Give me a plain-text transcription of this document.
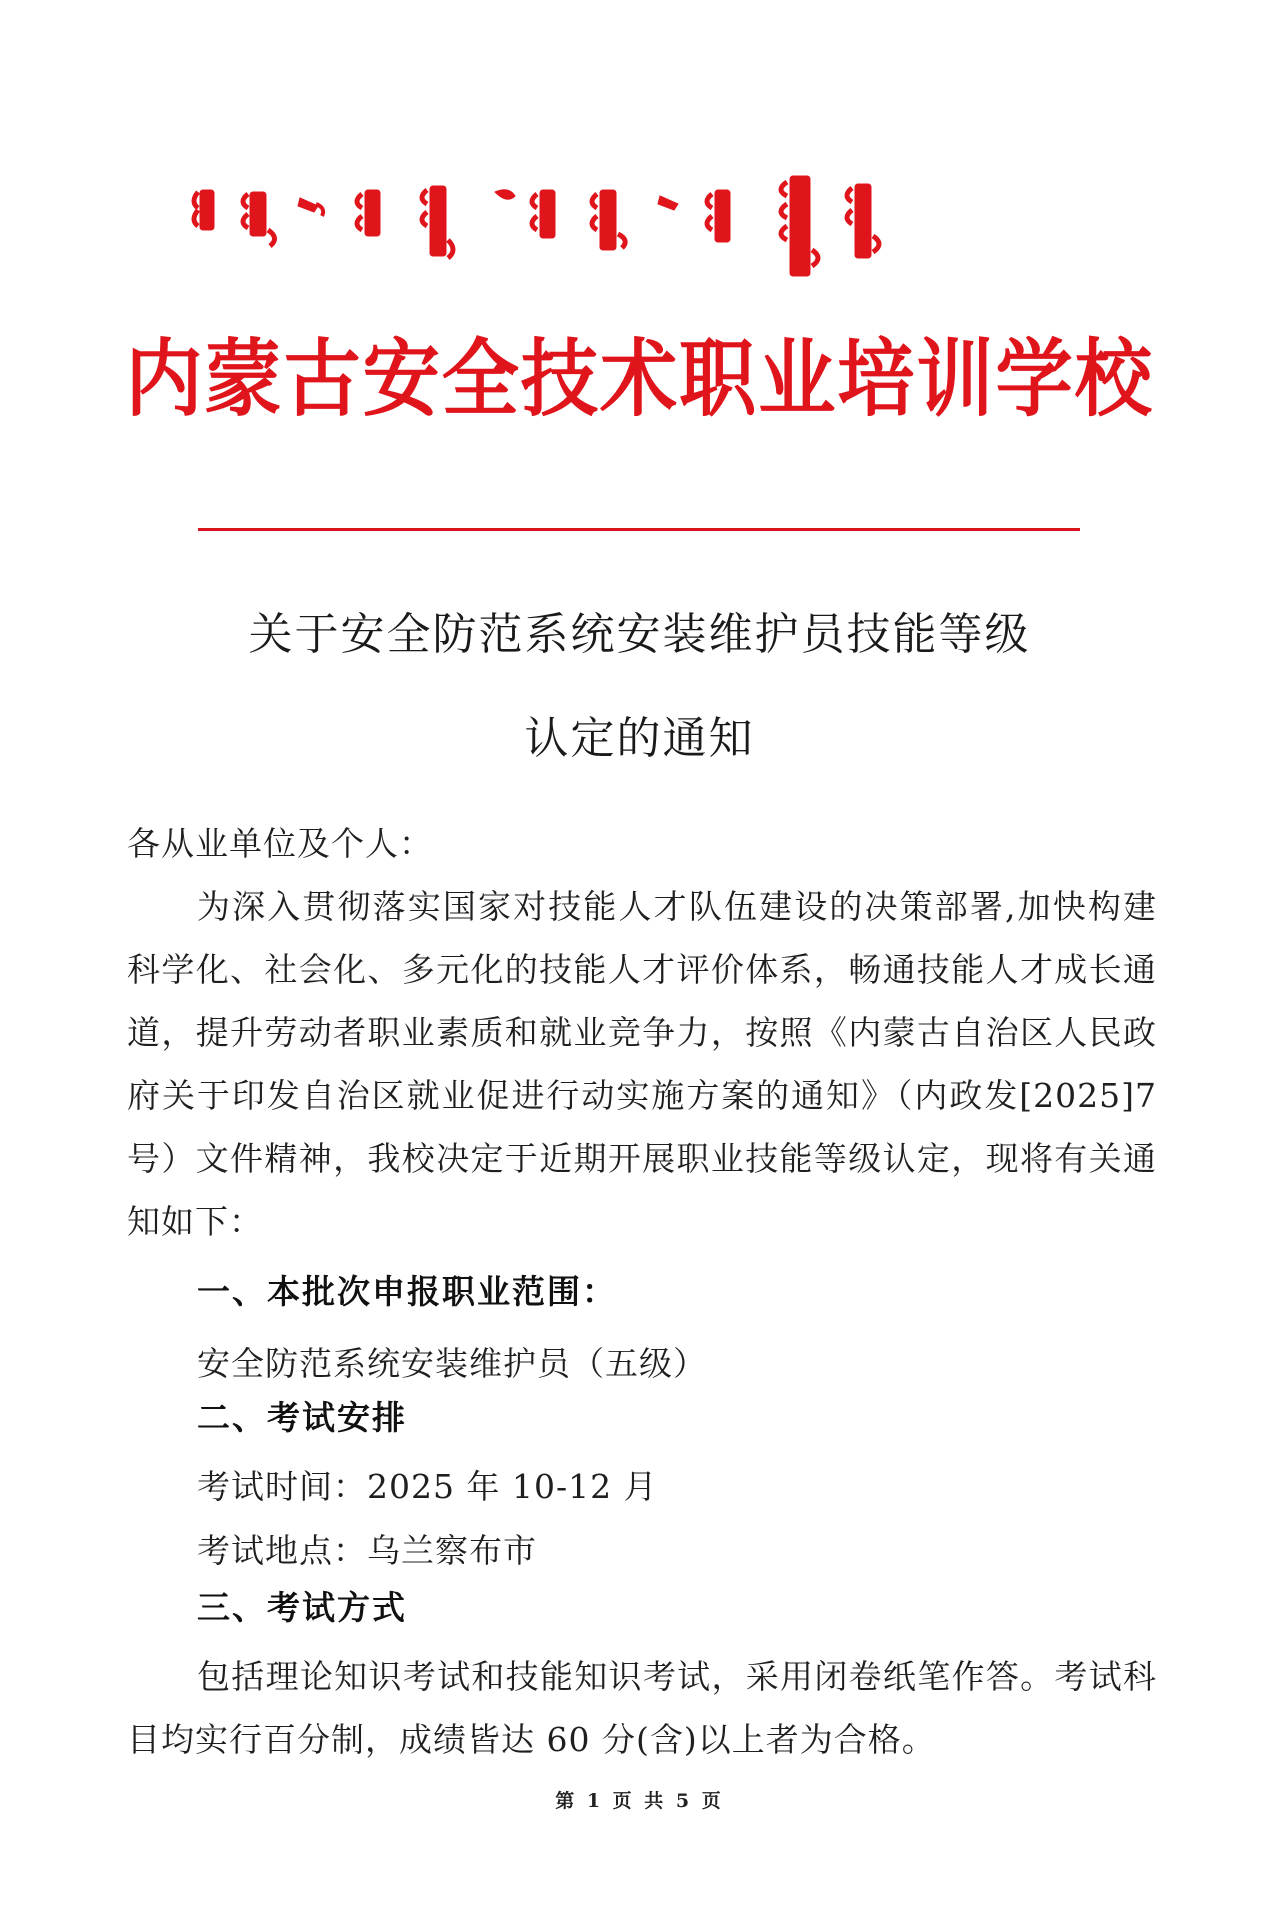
内蒙古安全技术职业培训学校
关于安全防范系统安装维护员技能等级
认定的通知
各从业单位及个人：
为深入贯彻落实国家对技能人才队伍建设的决策部署,加快构建科学化、社会化、多元化的技能人才评价体系，畅通技能人才成长通道，提升劳动者职业素质和就业竞争力，按照《内蒙古自治区人民政府关于印发自治区就业促进行动实施方案的通知》（内政发[2025]7号）文件精神，我校决定于近期开展职业技能等级认定，现将有关通知如下：
一、本批次申报职业范围：
安全防范系统安装维护员（五级）
二、考试安排
考试时间：2025 年 10-12 月
考试地点：乌兰察布市
三、考试方式
包括理论知识考试和技能知识考试，采用闭卷纸笔作答。考试科目均实行百分制，成绩皆达 60 分(含)以上者为合格。
第 1 页 共 5 页
